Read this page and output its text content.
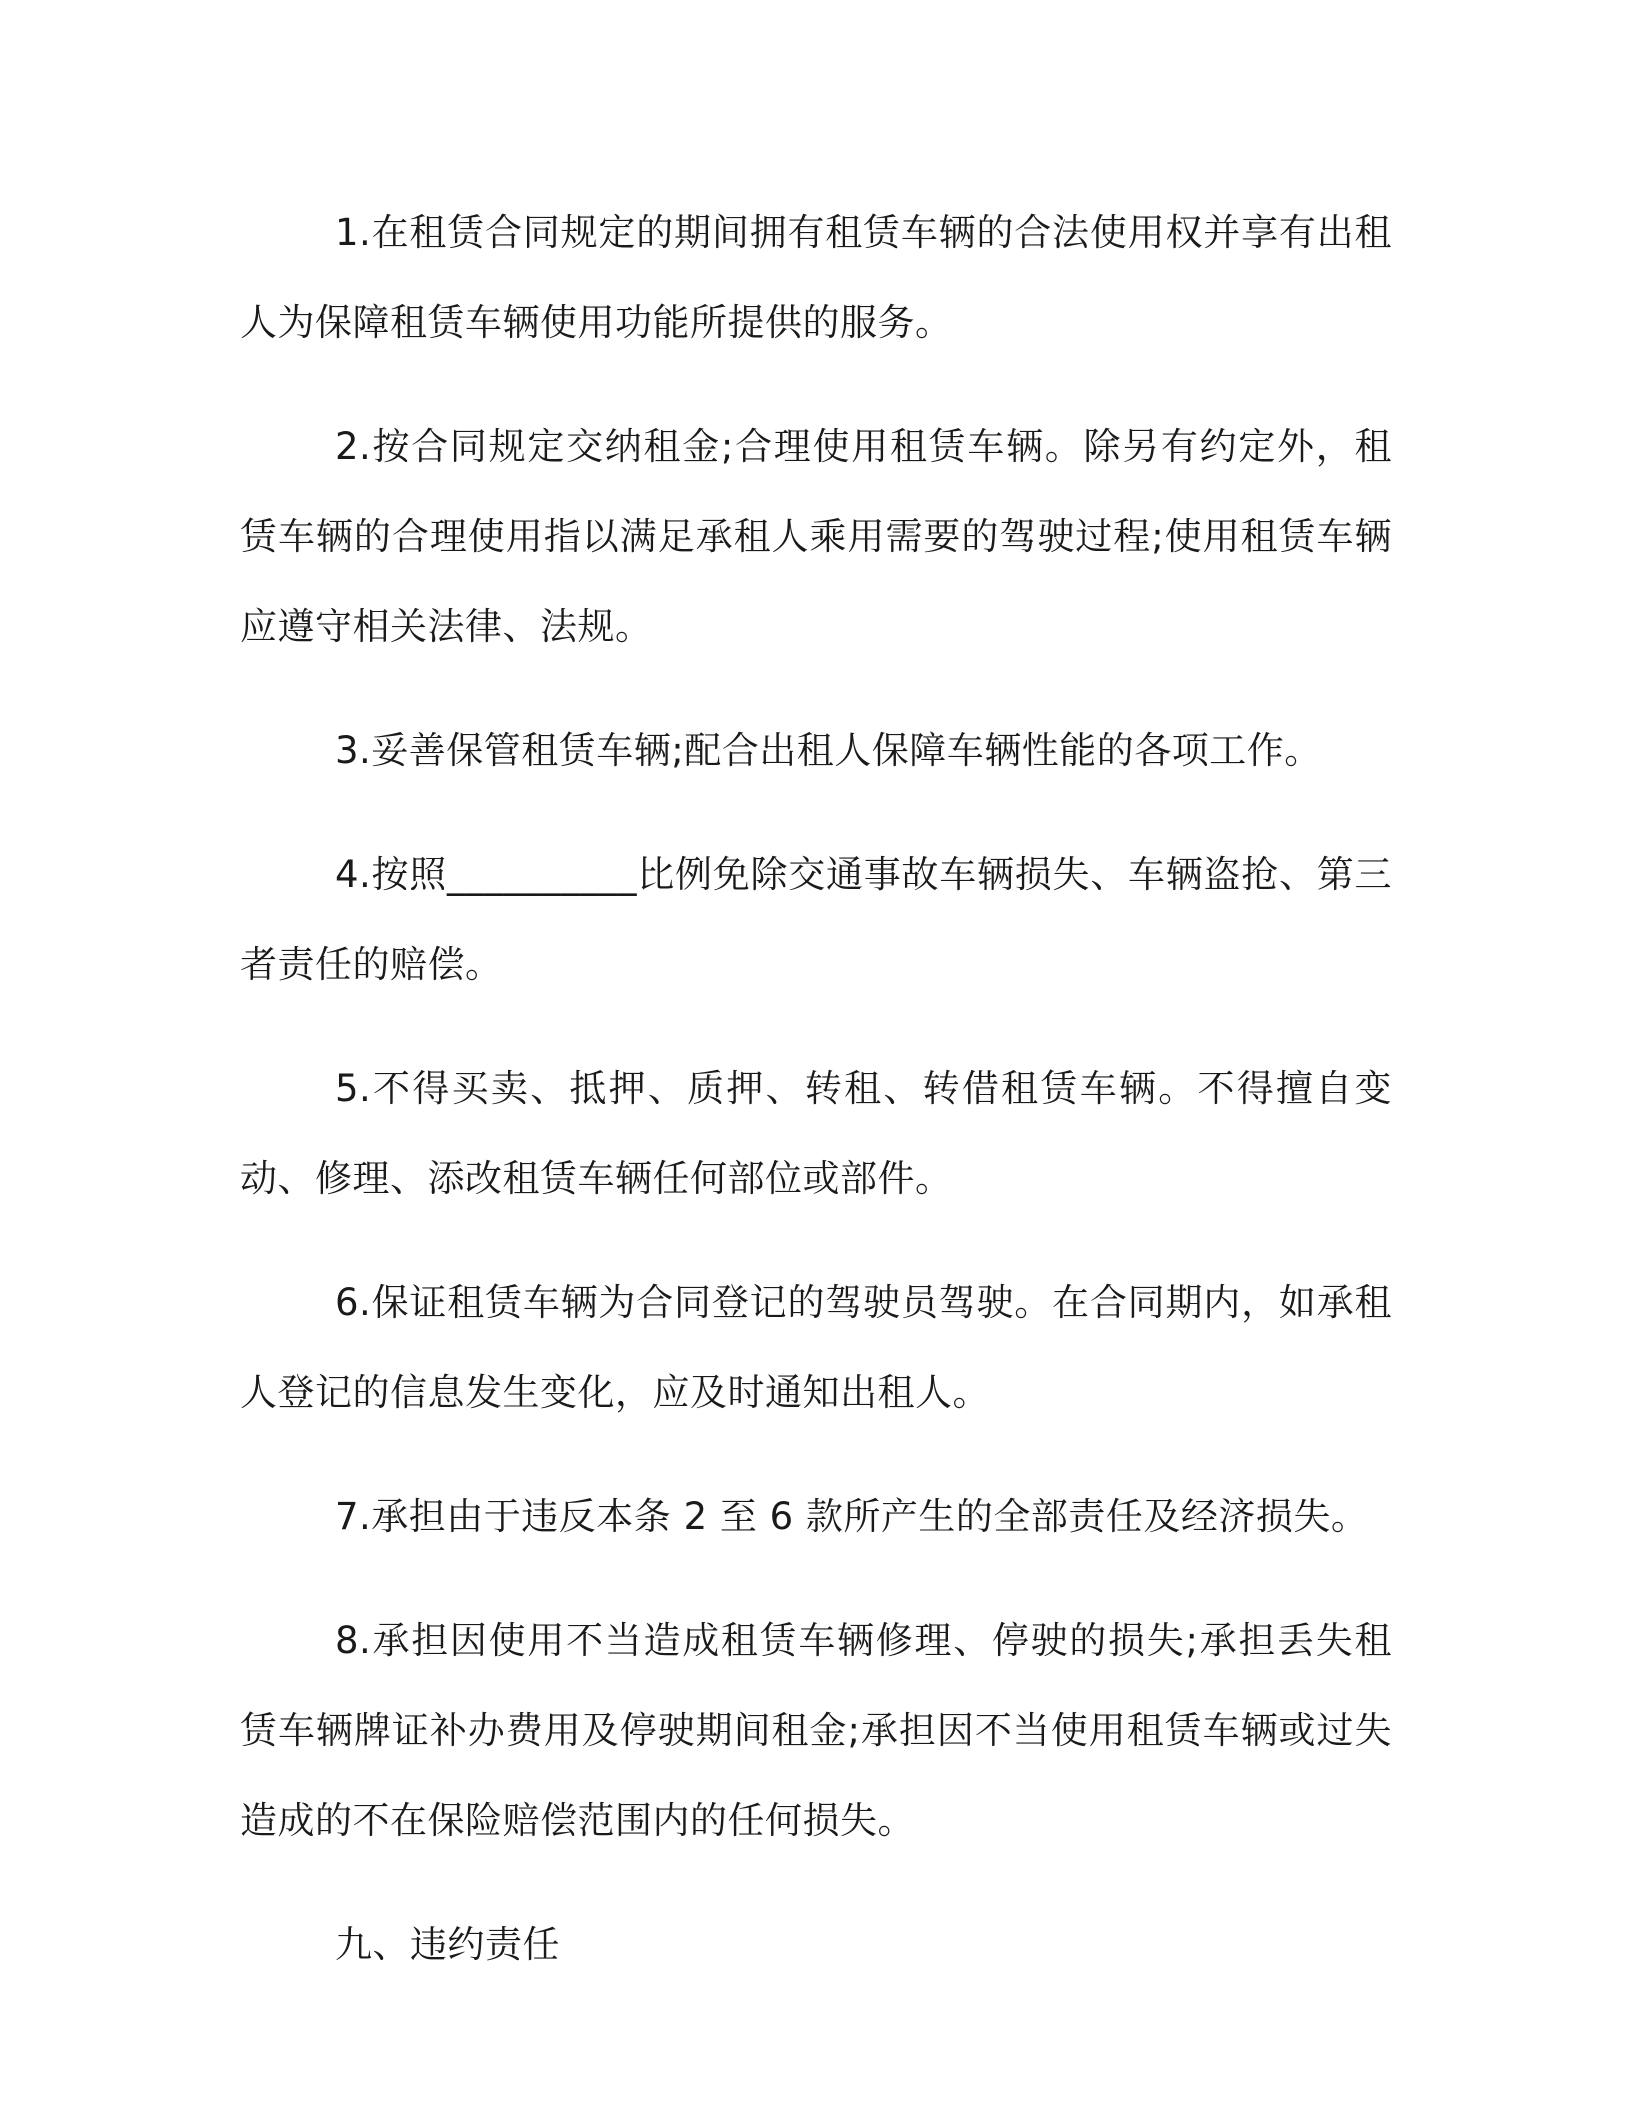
1.在租赁合同规定的期间拥有租赁车辆的合法使用权并享有出租人为保障租赁车辆使用功能所提供的服务。

2.按合同规定交纳租金;合理使用租赁车辆。除另有约定外，租赁车辆的合理使用指以满足承租人乘用需要的驾驶过程;使用租赁车辆应遵守相关法律、法规。

3.妥善保管租赁车辆;配合出租人保障车辆性能的各项工作。

4.按照__________比例免除交通事故车辆损失、车辆盗抢、第三者责任的赔偿。

5.不得买卖、抵押、质押、转租、转借租赁车辆。不得擅自变动、修理、添改租赁车辆任何部位或部件。

6.保证租赁车辆为合同登记的驾驶员驾驶。在合同期内，如承租人登记的信息发生变化，应及时通知出租人。

7.承担由于违反本条 2 至 6 款所产生的全部责任及经济损失。

8.承担因使用不当造成租赁车辆修理、停驶的损失;承担丢失租赁车辆牌证补办费用及停驶期间租金;承担因不当使用租赁车辆或过失造成的不在保险赔偿范围内的任何损失。

九、违约责任
